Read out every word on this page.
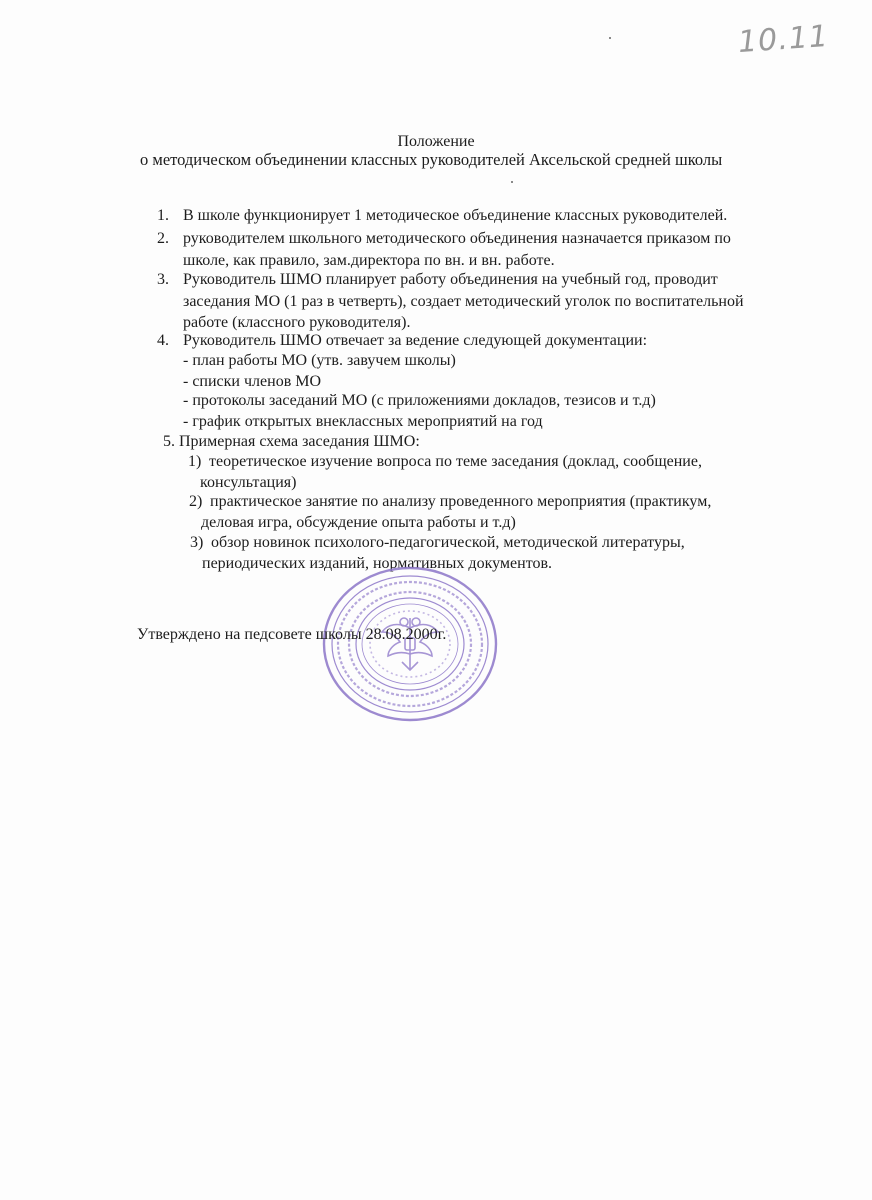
10.11
Положение
о методическом объединении классных руководителей Аксельской средней школы
1. В школе функционирует 1 методическое объединение классных руководителей.
2. руководителем школьного методического объединения назначается приказом по
школе, как правило, зам.директора по вн. и вн. работе.
3. Руководитель ШМО планирует работу объединения на учебный год, проводит
заседания МО (1 раз в четверть), создает методический уголок по воспитательной
работе (классного руководителя).
4. Руководитель ШМО отвечает за ведение следующей документации:
- план работы МО (утв. завучем школы)
- списки членов МО
- протоколы заседаний МО (с приложениями докладов, тезисов и т.д)
- график открытых внеклассных мероприятий на год
5. Примерная схема заседания ШМО:
1) теоретическое изучение вопроса по теме заседания (доклад, сообщение,
консультация)
2) практическое занятие по анализу проведенного мероприятия (практикум,
деловая игра, обсуждение опыта работы и т.д)
3) обзор новинок психолого-педагогической, методической литературы,
периодических изданий, нормативных документов.
Утверждено на педсовете школы 28.08.2000г.
